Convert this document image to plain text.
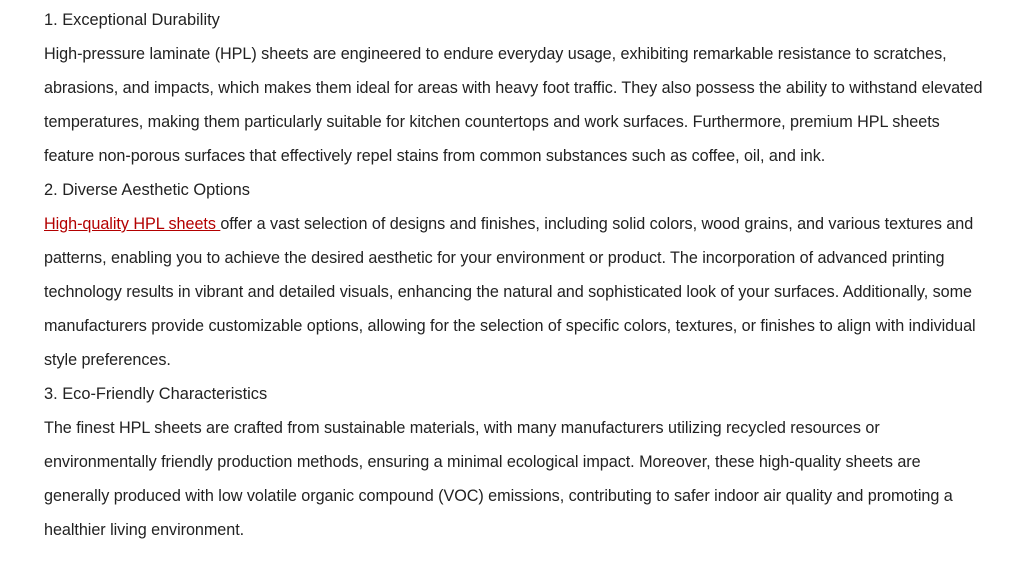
1. Exceptional Durability

High-pressure laminate (HPL) sheets are engineered to endure everyday usage, exhibiting remarkable resistance to scratches, abrasions, and impacts, which makes them ideal for areas with heavy foot traffic. They also possess the ability to withstand elevated temperatures, making them particularly suitable for kitchen countertops and work surfaces. Furthermore, premium HPL sheets feature non-porous surfaces that effectively repel stains from common substances such as coffee, oil, and ink.

2. Diverse Aesthetic Options

High-quality HPL sheets offer a vast selection of designs and finishes, including solid colors, wood grains, and various textures and patterns, enabling you to achieve the desired aesthetic for your environment or product. The incorporation of advanced printing technology results in vibrant and detailed visuals, enhancing the natural and sophisticated look of your surfaces. Additionally, some manufacturers provide customizable options, allowing for the selection of specific colors, textures, or finishes to align with individual style preferences.

3. Eco-Friendly Characteristics

The finest HPL sheets are crafted from sustainable materials, with many manufacturers utilizing recycled resources or environmentally friendly production methods, ensuring a minimal ecological impact. Moreover, these high-quality sheets are generally produced with low volatile organic compound (VOC) emissions, contributing to safer indoor air quality and promoting a healthier living environment.
